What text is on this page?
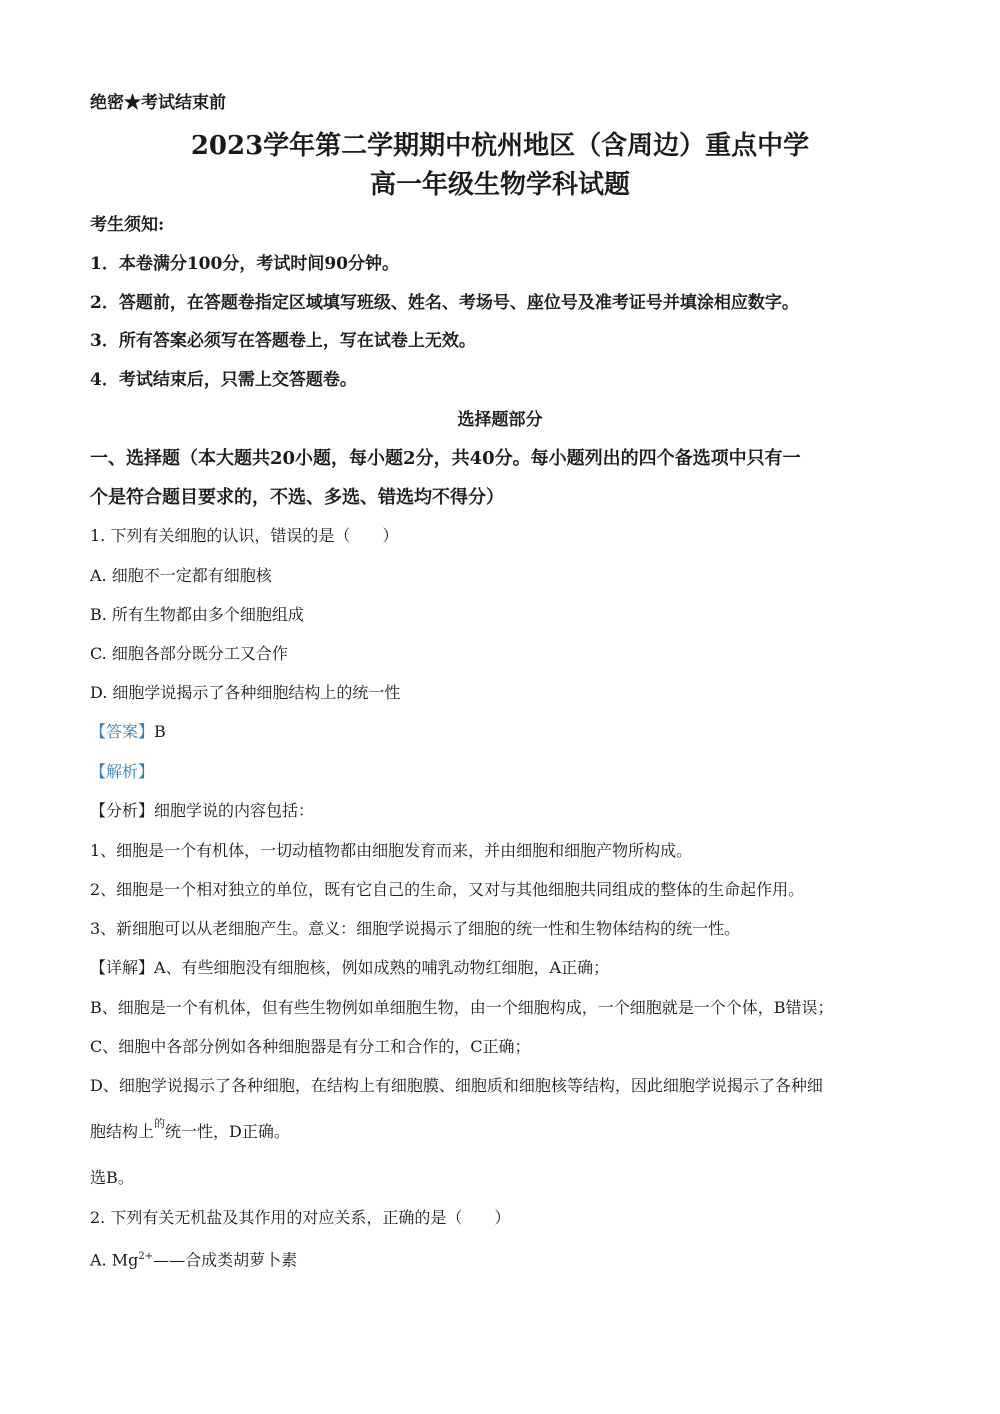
绝密★考试结束前
2023学年第二学期期中杭州地区（含周边）重点中学
高一年级生物学科试题
考生须知:
1．本卷满分100分，考试时间90分钟。
2．答题前，在答题卷指定区域填写班级、姓名、考场号、座位号及准考证号并填涂相应数字。
3．所有答案必须写在答题卷上，写在试卷上无效。
4．考试结束后，只需上交答题卷。
选择题部分
一、选择题（本大题共20小题，每小题2分，共40分。每小题列出的四个备选项中只有一
个是符合题目要求的，不选、多选、错选均不得分）
1. 下列有关细胞的认识，错误的是（　　）
A. 细胞不一定都有细胞核
B. 所有生物都由多个细胞组成
C. 细胞各部分既分工又合作
D. 细胞学说揭示了各种细胞结构上的统一性
【答案】B
【解析】
【分析】细胞学说的内容包括：
1、细胞是一个有机体，一切动植物都由细胞发育而来，并由细胞和细胞产物所构成。
2、细胞是一个相对独立的单位，既有它自己的生命，又对与其他细胞共同组成的整体的生命起作用。
3、新细胞可以从老细胞产生。意义：细胞学说揭示了细胞的统一性和生物体结构的统一性。
【详解】A、有些细胞没有细胞核，例如成熟的哺乳动物红细胞，A正确；
B、细胞是一个有机体，但有些生物例如单细胞生物，由一个细胞构成，一个细胞就是一个个体，B错误；
C、细胞中各部分例如各种细胞器是有分工和合作的，C正确；
D、细胞学说揭示了各种细胞，在结构上有细胞膜、细胞质和细胞核等结构，因此细胞学说揭示了各种细
胞结构上$^的$统一性，D正确。
选B。
2. 下列有关无机盐及其作用的对应关系，正确的是（　　）
A. $Mg^{2+}——$合成类胡萝卜素
